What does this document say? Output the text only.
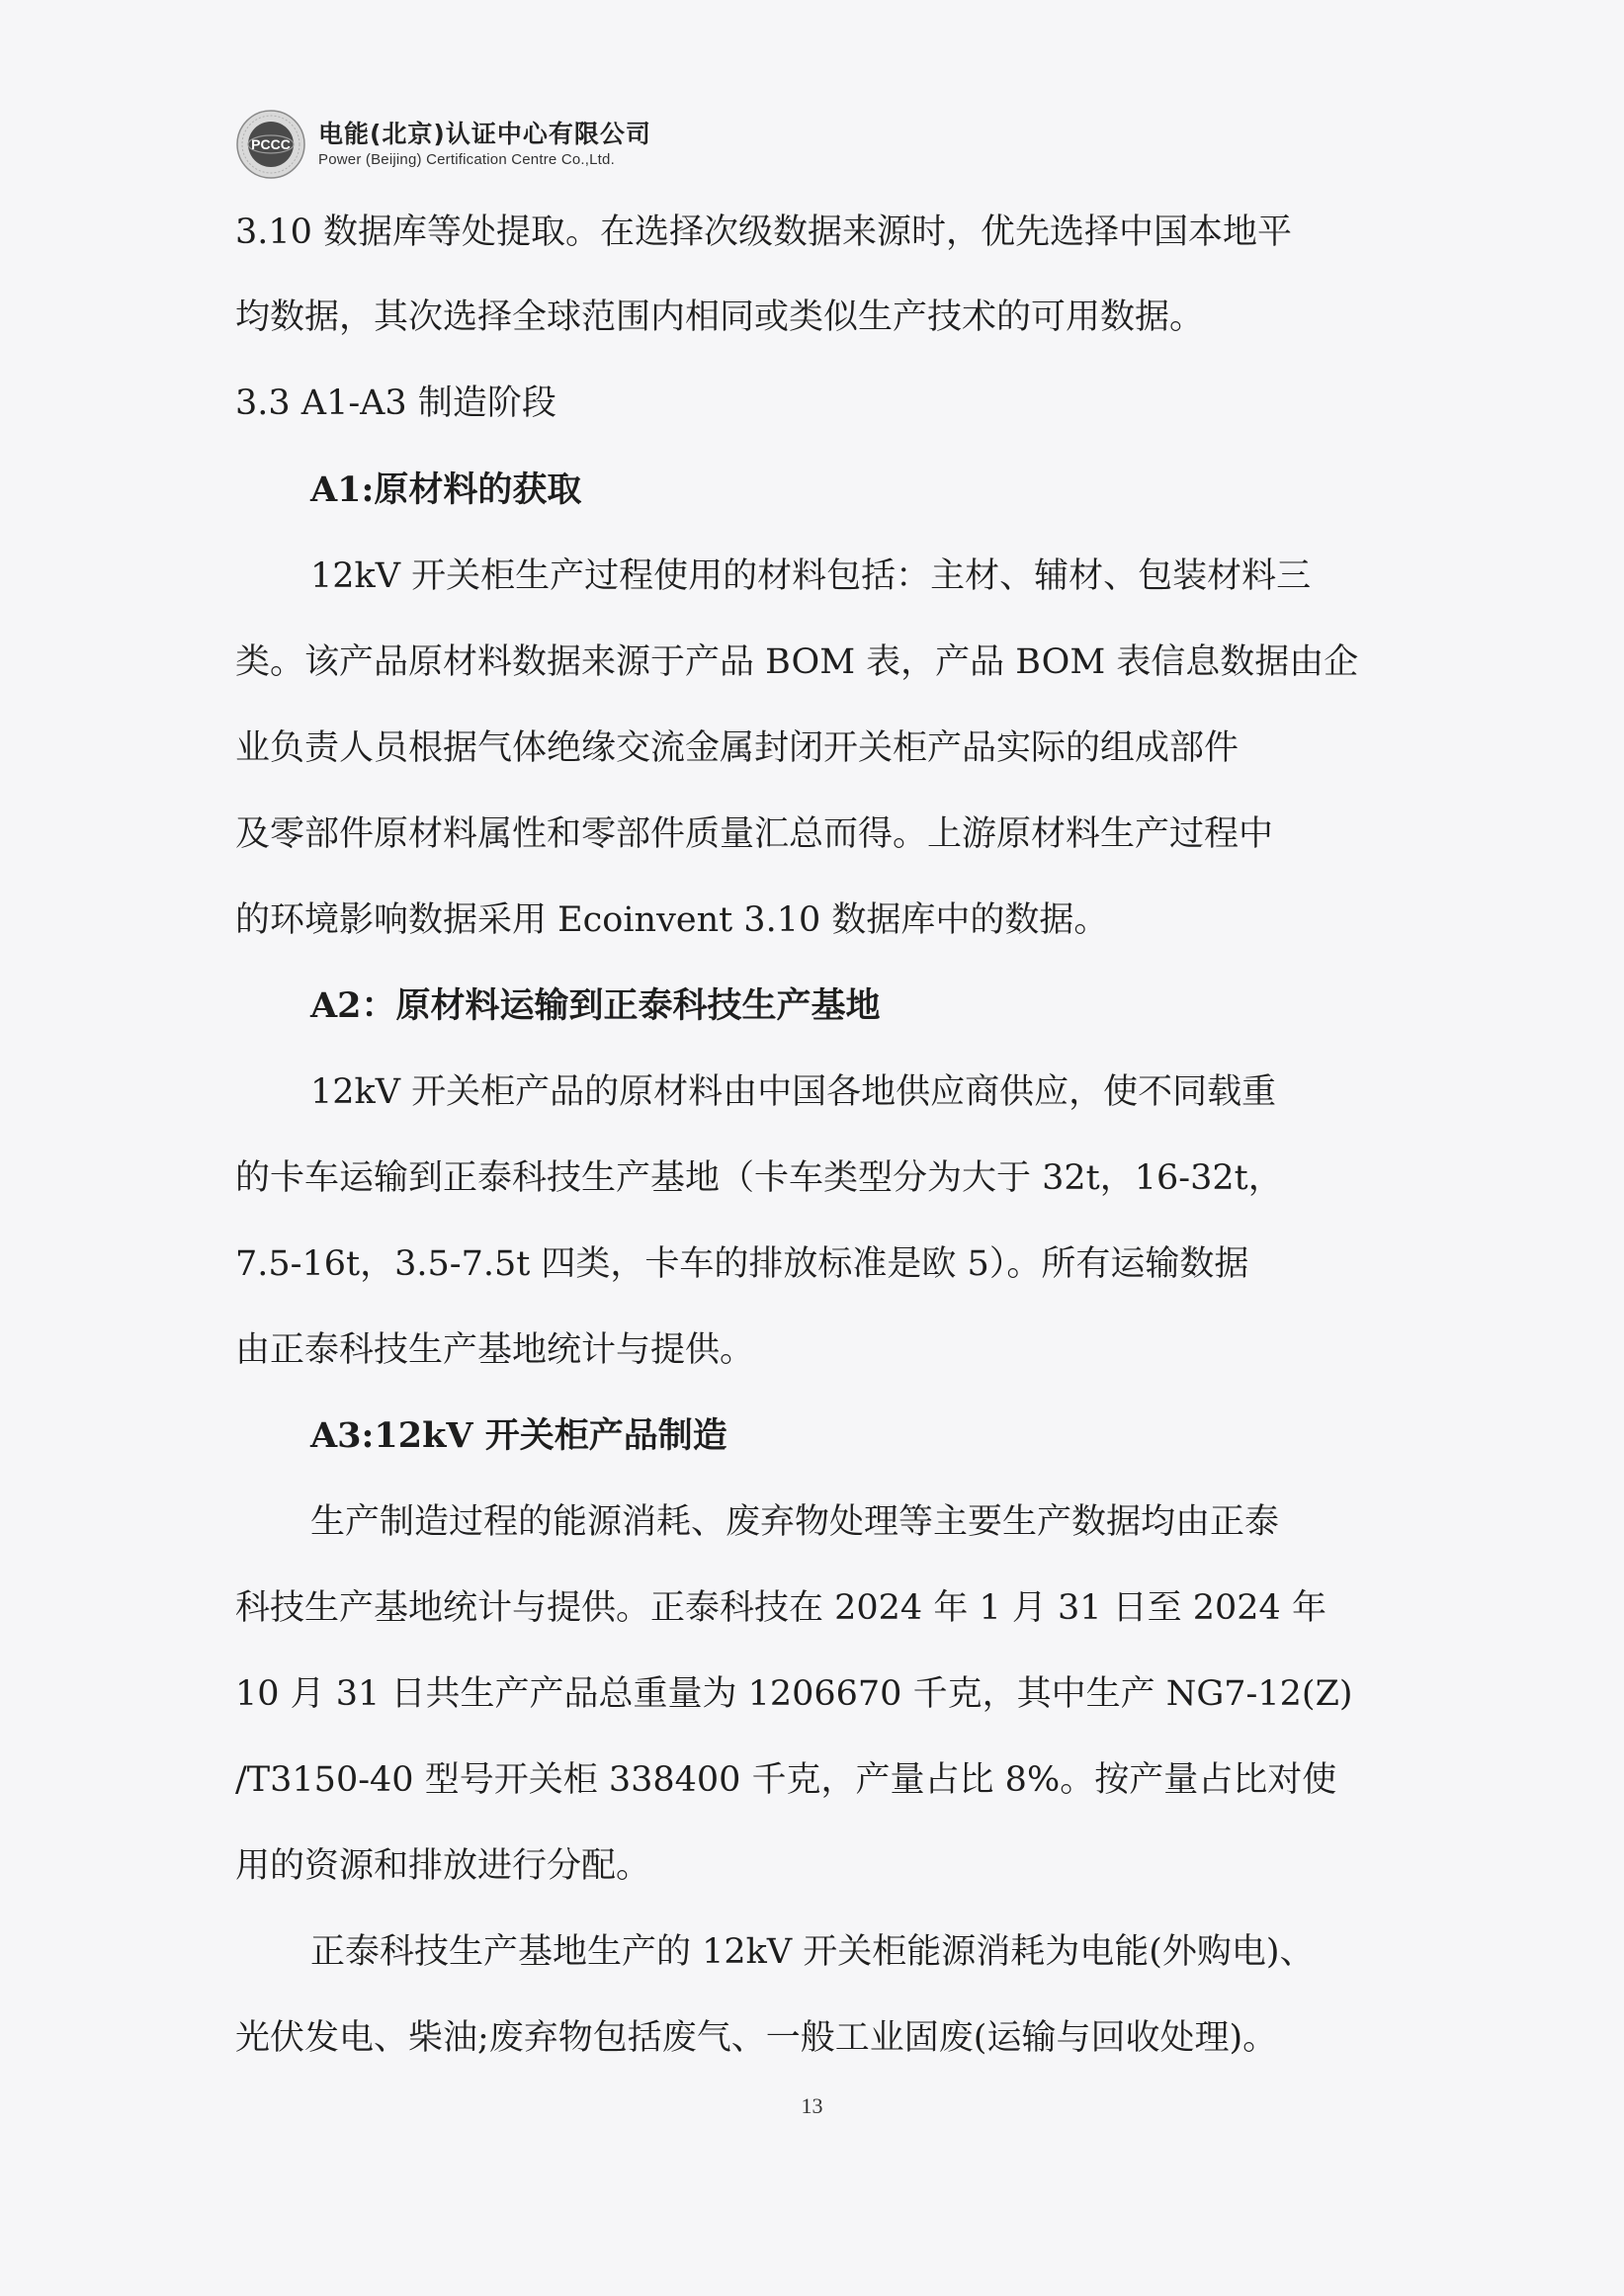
PCCC 电能(北京)认证中心有限公司
Power (Beijing) Certification Centre Co.,Ltd.
3.10 数据库等处提取。在选择次级数据来源时，优先选择中国本地平
均数据，其次选择全球范围内相同或类似生产技术的可用数据。
3.3 A1-A3 制造阶段
A1:原材料的获取
12kV 开关柜生产过程使用的材料包括：主材、辅材、包装材料三
类。该产品原材料数据来源于产品 BOM 表，产品 BOM 表信息数据由企
业负责人员根据气体绝缘交流金属封闭开关柜产品实际的组成部件
及零部件原材料属性和零部件质量汇总而得。上游原材料生产过程中
的环境影响数据采用 Ecoinvent 3.10 数据库中的数据。
A2：原材料运输到正泰科技生产基地
12kV 开关柜产品的原材料由中国各地供应商供应，使不同载重
的卡车运输到正泰科技生产基地（卡车类型分为大于 32t，16-32t，
7.5-16t，3.5-7.5t 四类，卡车的排放标准是欧 5）。所有运输数据
由正泰科技生产基地统计与提供。
A3:12kV 开关柜产品制造
生产制造过程的能源消耗、废弃物处理等主要生产数据均由正泰
科技生产基地统计与提供。正泰科技在 2024 年 1 月 31 日至 2024 年
10 月 31 日共生产产品总重量为 1206670 千克，其中生产 NG7-12(Z)
/T3150-40 型号开关柜 338400 千克，产量占比 8%。按产量占比对使
用的资源和排放进行分配。
正泰科技生产基地生产的 12kV 开关柜能源消耗为电能(外购电)、
光伏发电、柴油;废弃物包括废气、一般工业固废(运输与回收处理)。
13
